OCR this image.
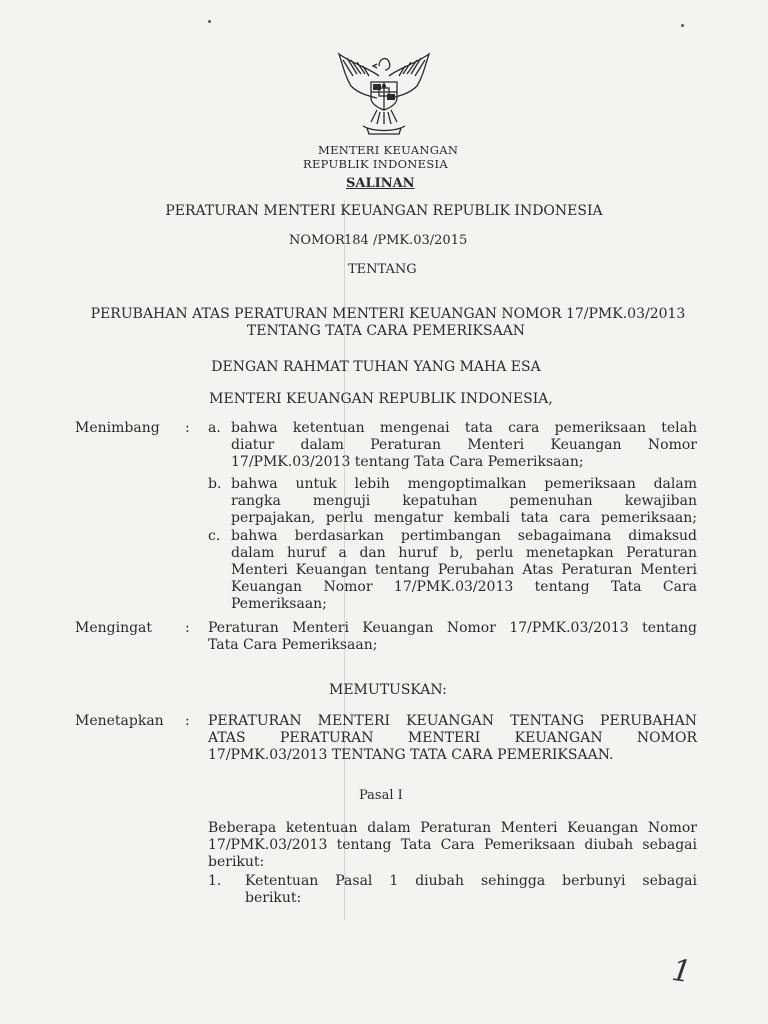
MENTERI KEUANGAN
REPUBLIK INDONESIA
SALINAN
PERATURAN MENTERI KEUANGAN REPUBLIK INDONESIA
NOMOR 184 /PMK.03/2015
TENTANG
PERUBAHAN ATAS PERATURAN MENTERI KEUANGAN NOMOR 17/PMK.03/2013
TENTANG TATA CARA PEMERIKSAAN
DENGAN RAHMAT TUHAN YANG MAHA ESA
MENTERI KEUANGAN REPUBLIK INDONESIA,
Menimbang : a. bahwa ketentuan mengenai tata cara pemeriksaan telah
diatur dalam Peraturan Menteri Keuangan Nomor
17/PMK.03/2013 tentang Tata Cara Pemeriksaan;
b. bahwa untuk lebih mengoptimalkan pemeriksaan dalam
rangka menguji kepatuhan pemenuhan kewajiban
perpajakan, perlu mengatur kembali tata cara pemeriksaan;
c. bahwa berdasarkan pertimbangan sebagaimana dimaksud
dalam huruf a dan huruf b, perlu menetapkan Peraturan
Menteri Keuangan tentang Perubahan Atas Peraturan Menteri
Keuangan Nomor 17/PMK.03/2013 tentang Tata Cara
Pemeriksaan;
Mengingat : Peraturan Menteri Keuangan Nomor 17/PMK.03/2013 tentang
Tata Cara Pemeriksaan;
MEMUTUSKAN:
Menetapkan : PERATURAN MENTERI KEUANGAN TENTANG PERUBAHAN
ATAS PERATURAN MENTERI KEUANGAN NOMOR
17/PMK.03/2013 TENTANG TATA CARA PEMERIKSAAN.
Pasal I
Beberapa ketentuan dalam Peraturan Menteri Keuangan Nomor
17/PMK.03/2013 tentang Tata Cara Pemeriksaan diubah sebagai
berikut:
1. Ketentuan Pasal 1 diubah sehingga berbunyi sebagai
berikut:
1
